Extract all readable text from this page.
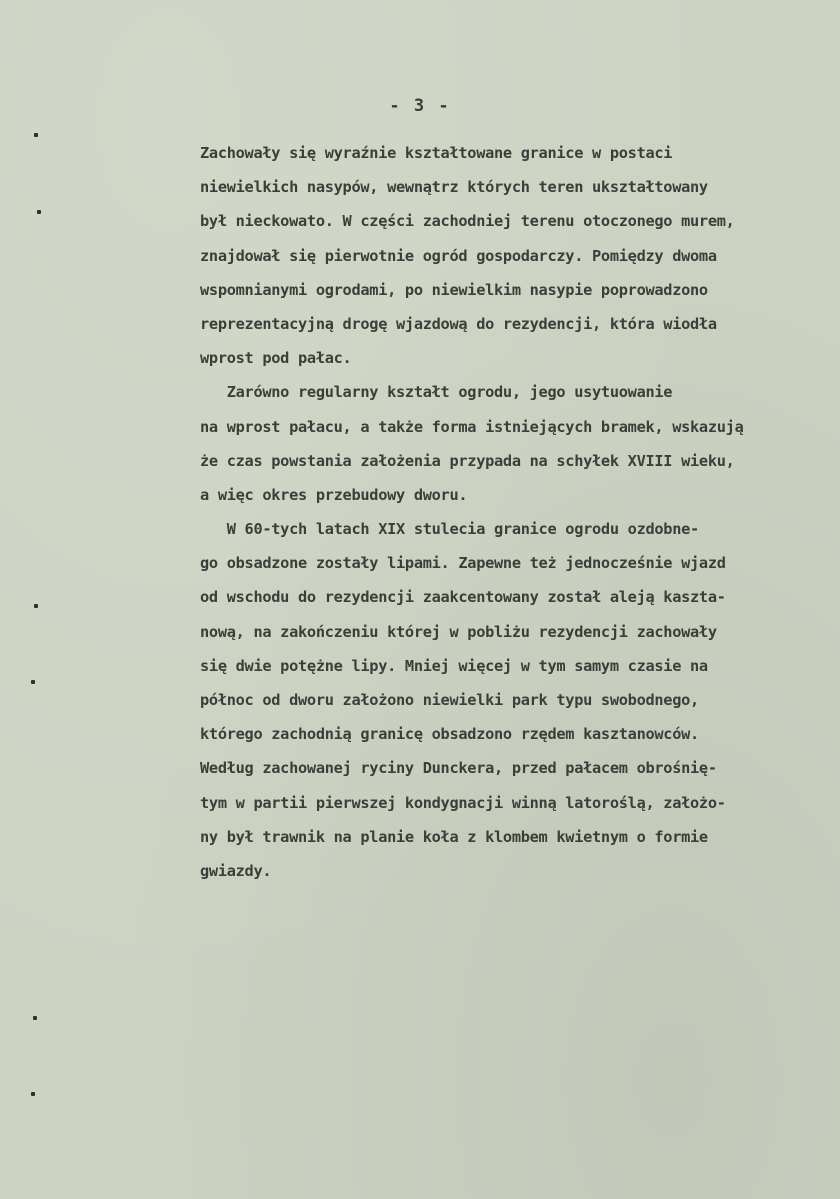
- 3 -
Zachowały się wyraźnie kształtowane granice w postaci
niewielkich nasypów, wewnątrz których teren ukształtowany
był nieckowato. W części zachodniej terenu otoczonego murem,
znajdował się pierwotnie ogród gospodarczy. Pomiędzy dwoma
wspomnianymi ogrodami, po niewielkim nasypie poprowadzono
reprezentacyjną drogę wjazdową do rezydencji, która wiodła
wprost pod pałac.
Zarówno regularny kształt ogrodu, jego usytuowanie
na wprost pałacu, a także forma istniejących bramek, wskazują
że czas powstania założenia przypada na schyłek XVIII wieku,
a więc okres przebudowy dworu.
W 60-tych latach XIX stulecia granice ogrodu ozdobne-
go obsadzone zostały lipami. Zapewne też jednocześnie wjazd
od wschodu do rezydencji zaakcentowany został aleją kaszta-
nową, na zakończeniu której w pobliżu rezydencji zachowały
się dwie potężne lipy. Mniej więcej w tym samym czasie na
północ od dworu założono niewielki park typu swobodnego,
którego zachodnią granicę obsadzono rzędem kasztanowców.
Według zachowanej ryciny Dunckera, przed pałacem obrośnię-
tym w partii pierwszej kondygnacji winną latoroślą, założo-
ny był trawnik na planie koła z klombem kwietnym o formie
gwiazdy.
